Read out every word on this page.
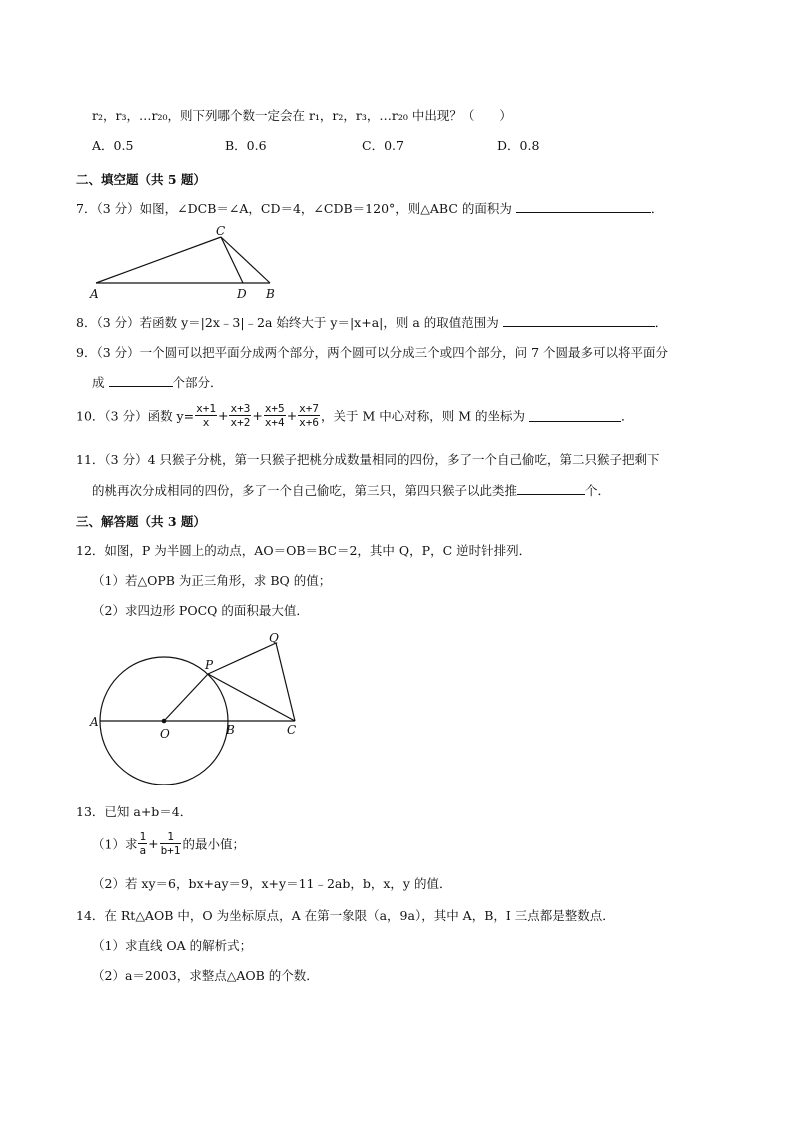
r₂，r₃，…r₂₀，则下列哪个数一定会在 r₁，r₂，r₃，…r₂₀ 中出现？（　　）
A．0.5	B．0.6	C．0.7	D．0.8
二、填空题（共 5 题）
7．（3 分）如图，∠DCB＝∠A，CD＝4，∠CDB＝120°，则△ABC 的面积为	．
C
A	D B
8．（3 分）若函数 y＝|2x﹣3|﹣2a 始终大于 y＝|x+a|，则 a 的取值范围为	．
9．（3 分）一个圆可以把平面分成两个部分，两个圆可以分成三个或四个部分，问 7 个圆最多可以将平面分
成	个部分．
10．（3 分）函数 $y= \frac{x+1}{x} + \frac{x+3}{x+2} + \frac{x+5}{x+4} + \frac{x+7}{x+6}$ ，关于 M 中心对称，则 M 的坐标为	．
11．（3 分）4 只猴子分桃，第一只猴子把桃分成数量相同的四份，多了一个自己偷吃，第二只猴子把剩下
的桃再次分成相同的四份，多了一个自己偷吃，第三只，第四只猴子以此类推	个．
三、解答题（共 3 题）
12．如图，P 为半圆上的动点，AO＝OB＝BC＝2，其中 Q，P，C 逆时针排列．
（1）若△OPB 为正三角形，求 BQ 的值；
（2）求四边形 POCQ 的面积最大值．
A
O	B	C
P
Q
13．已知 a+b＝4．
（1）求 $\frac{1}{a} + \frac{1}{b+1}$ 的最小值；
（2）若 xy＝6，bx+ay＝9，x+y＝11﹣2ab，b，x，y 的值．
14．在 Rt△AOB 中，O 为坐标原点，A 在第一象限（a，9a），其中 A，B，I 三点都是整数点．
（1）求直线 OA 的解析式；
（2）a＝2003，求整点△AOB 的个数．
